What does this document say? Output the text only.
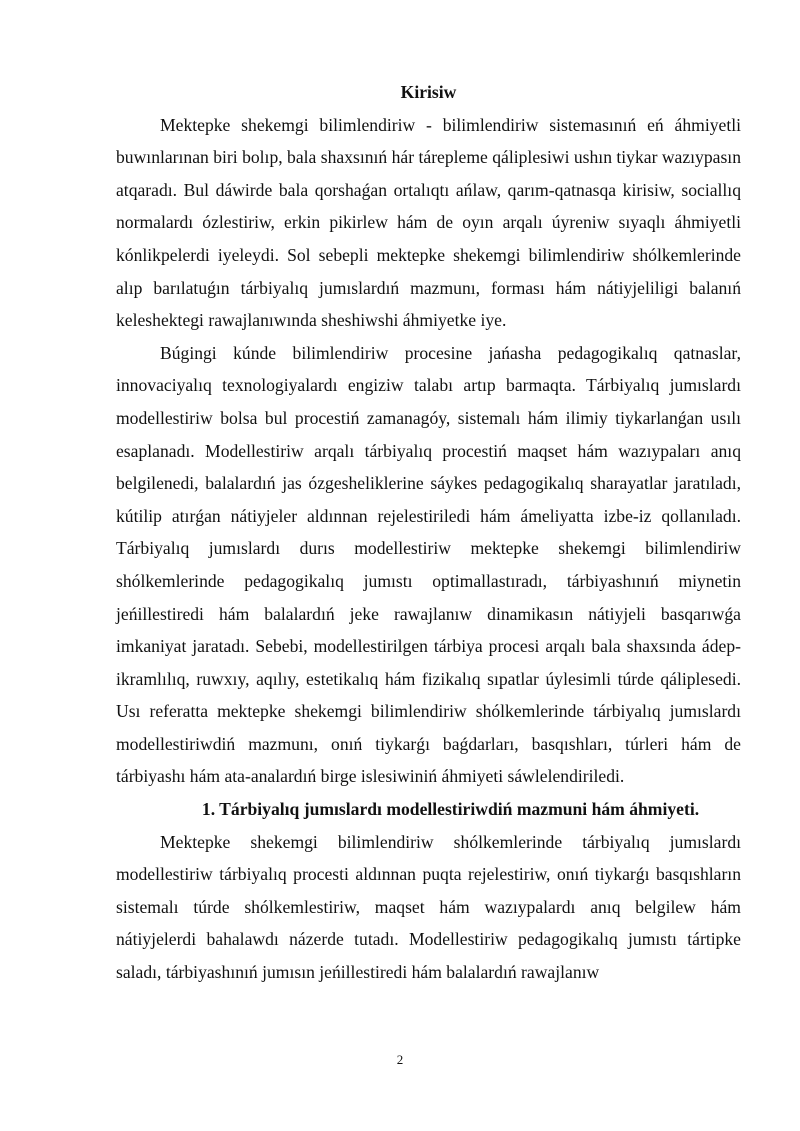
Kirisiw

Mektepke shekemgi bilimlendiriw - bilimlendiriw sistemasınıń eń áhmiyetli buwınlarınan biri bolıp, bala shaxsınıń hár tárepleme qáliplesiwi ushın tiykar wazıypasın atqaradı. Bul dáwirde bala qorshaǵan ortalıqtı ańlaw, qarım-qatnasqa kirisiw, sociallıq normalardı ózlestiriw, erkin pikirlew hám de oyın arqalı úyreniw sıyaqlı áhmiyetli kónlikpelerdi iyeleydi. Sol sebepli mektepke shekemgi bilimlendiriw shólkemlerinde alıp barılatuǵın tárbiyalıq jumıslardıń mazmunı, forması hám nátiyjeliligi balanıń keleshektegi rawajlanıwında sheshiwshi áhmiyetke iye.

Búgingi kúnde bilimlendiriw procesine jańasha pedagogikalıq qatnaslar, innovaciyalıq texnologiyalardı engiziw talabı artıp barmaqta. Tárbiyalıq jumıslardı modellestiriw bolsa bul procestiń zamanagóy, sistemalı hám ilimiy tiykarlanǵan usılı esaplanadı. Modellestiriw arqalı tárbiyalıq procestiń maqset hám wazıypaları anıq belgilenedi, balalardıń jas ózgesheliklerine sáykes pedagogikalıq sharayatlar jaratıladı, kútilip atırǵan nátiyjeler aldınnan rejelestiriledi hám ámeliyatta izbe-iz qollanıladı. Tárbiyalıq jumıslardı durıs modellestiriw mektepke shekemgi bilimlendiriw shólkemlerinde pedagogikalıq jumıstı optimallastıradı, tárbiyashınıń miynetin jeńillestiredi hám balalardıń jeke rawajlanıw dinamikasın nátiyjeli basqarıwǵa imkaniyat jaratadı. Sebebi, modellestirilgen tárbiya procesi arqalı bala shaxsında ádep-ikramlılıq, ruwxıy, aqılıy, estetikalıq hám fizikalıq sıpatlar úylesimli túrde qáliplesedi. Usı referatta mektepke shekemgi bilimlendiriw shólkemlerinde tárbiyalıq jumıslardı modellestiriwdiń mazmunı, onıń tiykarǵı baǵdarları, basqıshları, túrleri hám de tárbiyashı hám ata-analardıń birge islesiwiniń áhmiyeti sáwlelendiriledi.

1. Tárbiyalıq jumıslardı modellestiriwdiń mazmuni hám áhmiyeti.

Mektepke shekemgi bilimlendiriw shólkemlerinde tárbiyalıq jumıslardı modellestiriw tárbiyalıq procesti aldınnan puqta rejelestiriw, onıń tiykarǵı basqıshların sistemalı túrde shólkemlestiriw, maqset hám wazıypalardı anıq belgilew hám nátiyjelerdi bahalawdı názerde tutadı. Modellestiriw pedagogikalıq jumıstı tártipke saladı, tárbiyashınıń jumısın jeńillestiredi hám balalardıń rawajlanıw

2
